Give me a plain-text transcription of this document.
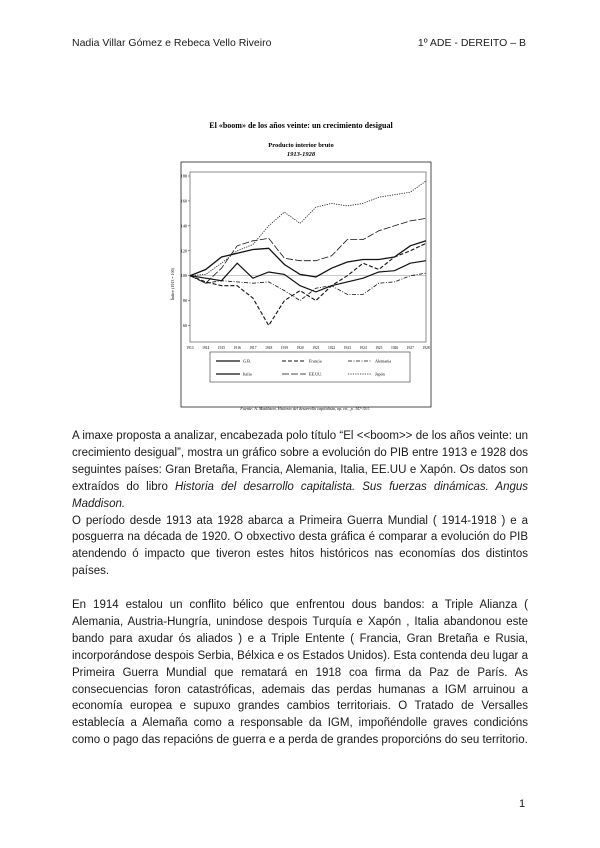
Nadia Villar Gómez e Rebeca Vello Riveiro	1º ADE - DEREITO – B
El «boom» de los años veinte: un crecimiento desigual
Producto interior bruto
1913-1928
Índice (1913 = 100)
180
160
140
120
100
80
60
1913 1914 1915 1916 1917 1918 1919 1920 1921 1922 1923 1924 1925 1926 1927 1928
G.B.	Francia	Alemania
Italia	EE.UU.	Japón
Fuente: A. Maddison, Historia del desarrollo capitalista, op. cit., p. 347-353.

A imaxe proposta a analizar, encabezada polo título “El <<boom>> de los años veinte: un crecimiento desigual”, mostra un gráfico sobre a evolución do PIB entre 1913 e 1928 dos seguintes países: Gran Bretaña, Francia, Alemania, Italia, EE.UU e Xapón. Os datos son extraídos do libro Historia del desarrollo capitalista. Sus fuerzas dinámicas. Angus Maddison.

O período desde 1913 ata 1928 abarca a Primeira Guerra Mundial ( 1914-1918 ) e a posguerra na década de 1920. O obxectivo desta gráfica é comparar a evolución do PIB atendendo ó impacto que tiveron estes hitos históricos nas economías dos distintos países.

En 1914 estalou un conflito bélico que enfrentou dous bandos: a Triple Alianza ( Alemania, Austria-Hungría, unindose despois Turquía e Xapón , Italia abandonou este bando para axudar ós aliados ) e a Triple Entente ( Francia, Gran Bretaña e Rusia, incorporándose despois Serbia, Bélxica e os Estados Unidos). Esta contenda deu lugar a Primeira Guerra Mundial que rematará en 1918 coa firma da Paz de París. As consecuencias foron catastróficas, ademais das perdas humanas a IGM arruinou a economía europea e supuxo grandes cambios territoriais. O Tratado de Versalles establecía a Alemaña como a responsable da IGM, impoñéndolle graves condicións como o pago das repacións de guerra e a perda de grandes proporcións do seu territorio.

1
